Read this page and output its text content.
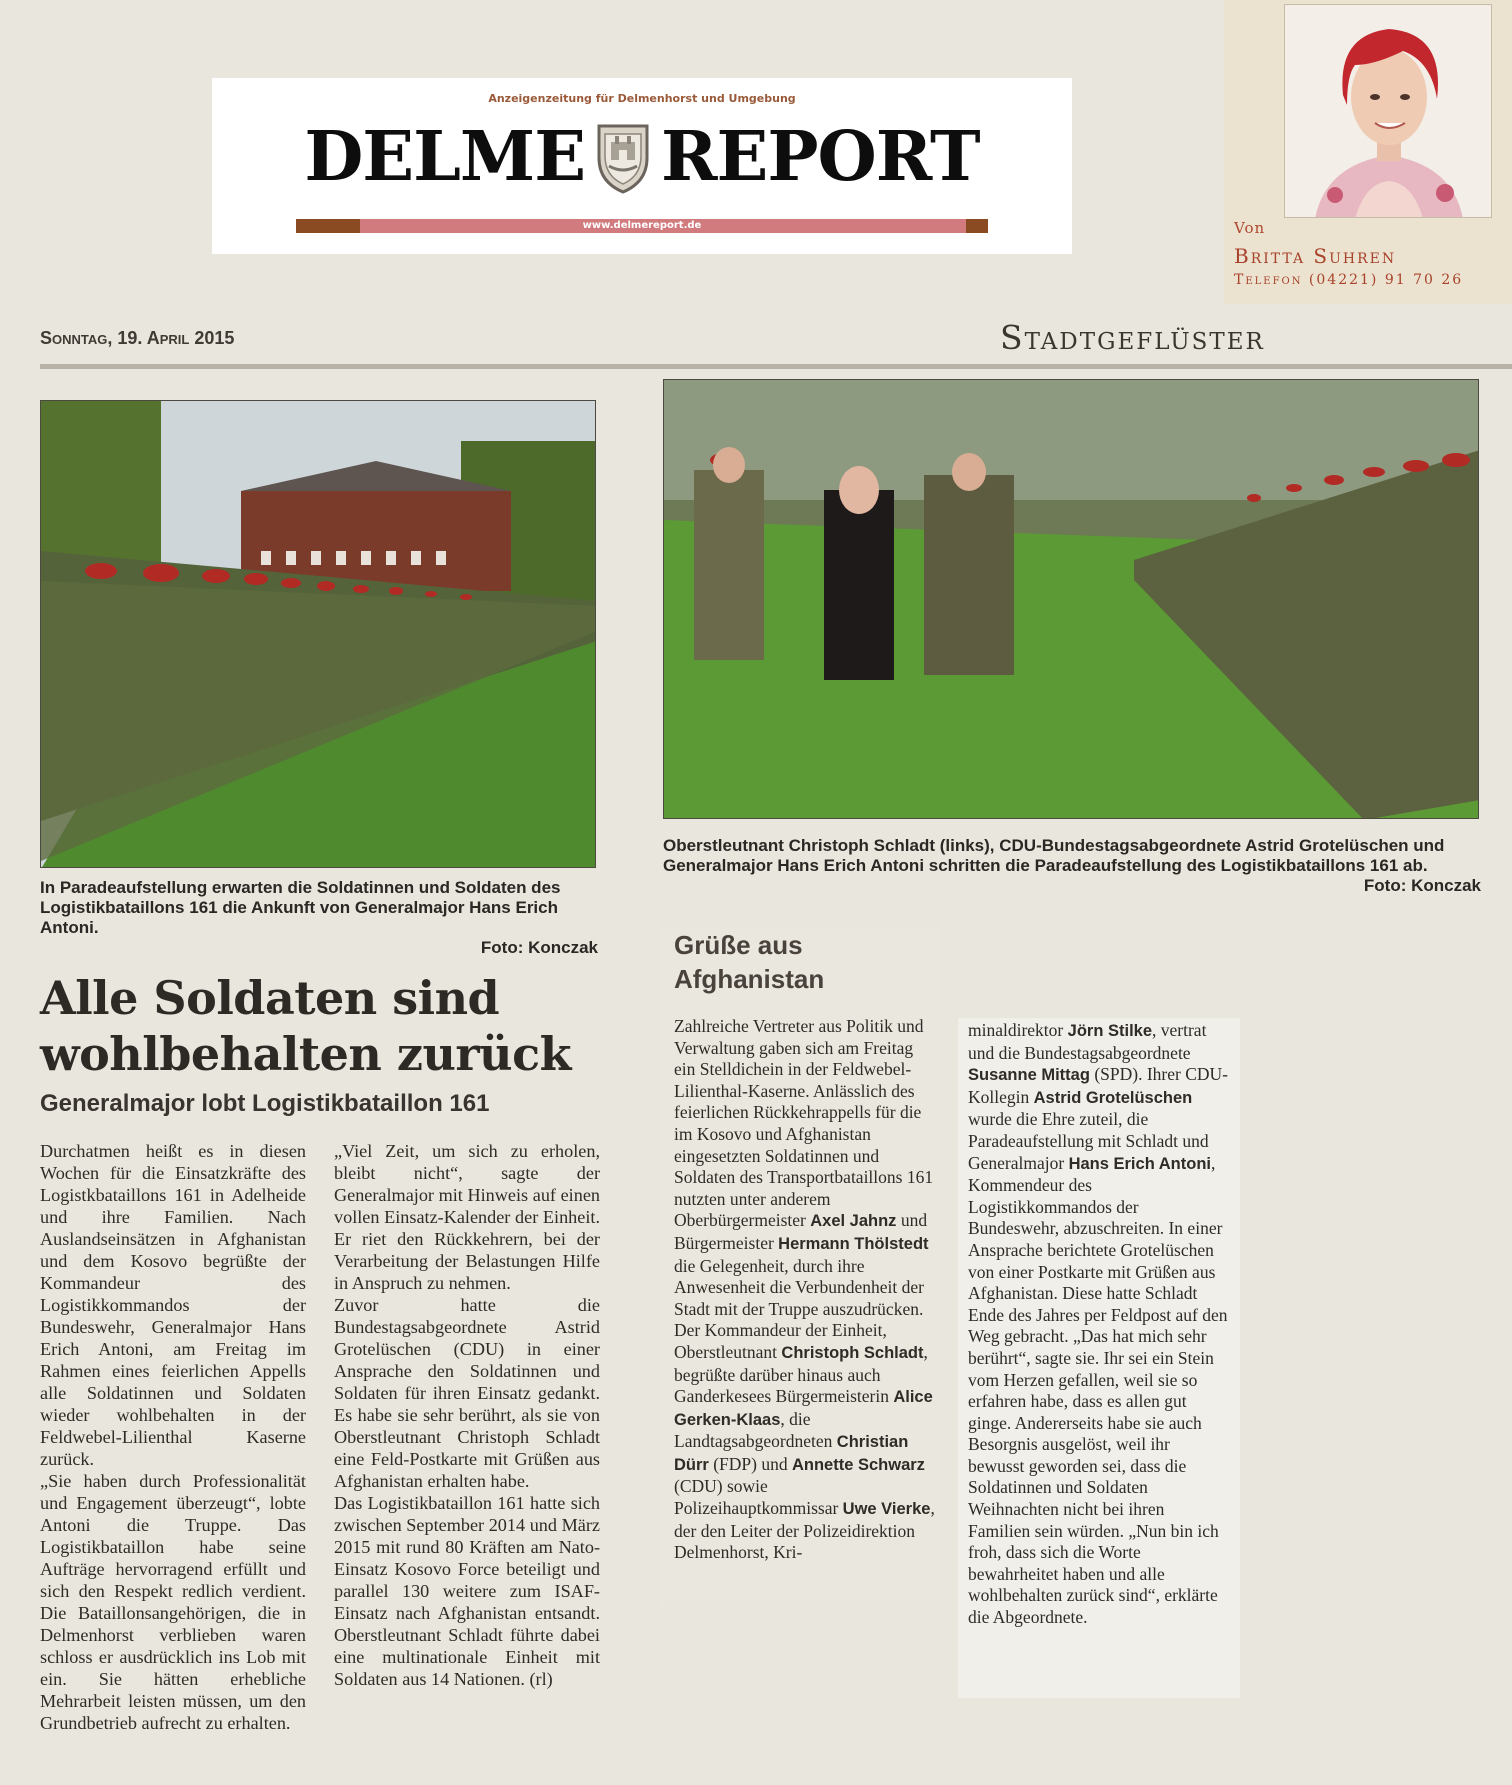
Anzeigenzeitung für Delmenhorst und Umgebung
DELME REPORT
www.delmereport.de	Von
Britta Suhren
Telefon (04221) 91 70 26
Sonntag, 19. April 2015	Stadtgeflüster
In Paradeaufstellung erwarten die Soldatinnen und Soldaten des Logistikbataillons 161 die Ankunft von Generalmajor Hans Erich Antoni.
Foto: Konczak
Oberstleutnant Christoph Schladt (links), CDU-Bundestagsabgeordnete Astrid Grotelüschen und Generalmajor Hans Erich Antoni schritten die Paradeaufstellung des Logistikbataillons 161 ab.
Foto: Konczak
Alle Soldaten sind wohlbehalten zurück
Generalmajor lobt Logistikbataillon 161

Durchatmen heißt es in diesen Wochen für die Einsatzkräfte des Logistkbataillons 161 in Adelheide und ihre Familien. Nach Auslandseinsätzen in Afghanistan und dem Kosovo begrüßte der Kommandeur des Logistikkommandos der Bundeswehr, Generalmajor Hans Erich Antoni, am Freitag im Rahmen eines feierlichen Appells alle Soldatinnen und Soldaten wieder wohlbehalten in der Feldwebel-Lilienthal Kaserne zurück.

„Sie haben durch Professionalität und Engagement überzeugt“, lobte Antoni die Truppe. Das Logistikbataillon habe seine Aufträge hervorragend erfüllt und sich den Respekt redlich verdient. Die Bataillonsangehörigen, die in Delmenhorst verblieben waren schloss er ausdrücklich ins Lob mit ein. Sie hätten erhebliche Mehrarbeit leisten müssen, um den Grundbetrieb aufrecht zu erhalten.

„Viel Zeit, um sich zu erholen, bleibt nicht“, sagte der Generalmajor mit Hinweis auf einen vollen Einsatz-Kalender der Einheit. Er riet den Rückkehrern, bei der Verarbeitung der Belastungen Hilfe in Anspruch zu nehmen.

Zuvor hatte die Bundestagsabgeordnete Astrid Grotelüschen (CDU) in einer Ansprache den Soldatinnen und Soldaten für ihren Einsatz gedankt. Es habe sie sehr berührt, als sie von Oberstleutnant Christoph Schladt eine Feld-Postkarte mit Grüßen aus Afghanistan erhalten habe.

Das Logistikbataillon 161 hatte sich zwischen September 2014 und März 2015 mit rund 80 Kräften am Nato-Einsatz Kosovo Force beteiligt und parallel 130 weitere zum ISAF-Einsatz nach Afghanistan entsandt. Oberstleutnant Schladt führte dabei eine multinationale Einheit mit Soldaten aus 14 Nationen. (rl)

Grüße aus Afghanistan
Zahlreiche Vertreter aus Politik und Verwaltung gaben sich am Freitag ein Stelldichein in der Feldwebel-Lilienthal-Kaserne. Anlässlich des feierlichen Rückkehrappells für die im Kosovo und Afghanistan eingesetzten Soldatinnen und Soldaten des Transportbataillons 161 nutzten unter anderem Oberbürgermeister Axel Jahnz und Bürgermeister Hermann Thölstedt die Gelegenheit, durch ihre Anwesenheit die Verbundenheit der Stadt mit der Truppe auszudrücken. Der Kommandeur der Einheit, Oberstleutnant Christoph Schladt, begrüßte darüber hinaus auch Ganderkesees Bürgermeisterin Alice Gerken-Klaas, die Landtagsabgeordneten Christian Dürr (FDP) und Annette Schwarz (CDU) sowie Polizeihauptkommissar Uwe Vierke, der den Leiter der Polizeidirektion Delmenhorst, Kri-
minaldirektor Jörn Stilke, vertrat und die Bundestagsabgeordnete Susanne Mittag (SPD). Ihrer CDU-Kollegin Astrid Grotelüschen wurde die Ehre zuteil, die Paradeaufstellung mit Schladt und Generalmajor Hans Erich Antoni, Kommendeur des Logistikkommandos der Bundeswehr, abzuschreiten. In einer Ansprache berichtete Grotelüschen von einer Postkarte mit Grüßen aus Afghanistan. Diese hatte Schladt Ende des Jahres per Feldpost auf den Weg gebracht. „Das hat mich sehr berührt“, sagte sie. Ihr sei ein Stein vom Herzen gefallen, weil sie so erfahren habe, dass es allen gut ginge. Andererseits habe sie auch Besorgnis ausgelöst, weil ihr bewusst geworden sei, dass die Soldatinnen und Soldaten Weihnachten nicht bei ihren Familien sein würden. „Nun bin ich froh, dass sich die Worte bewahrheitet haben und alle wohlbehalten zurück sind“, erklärte die Abgeordnete.
